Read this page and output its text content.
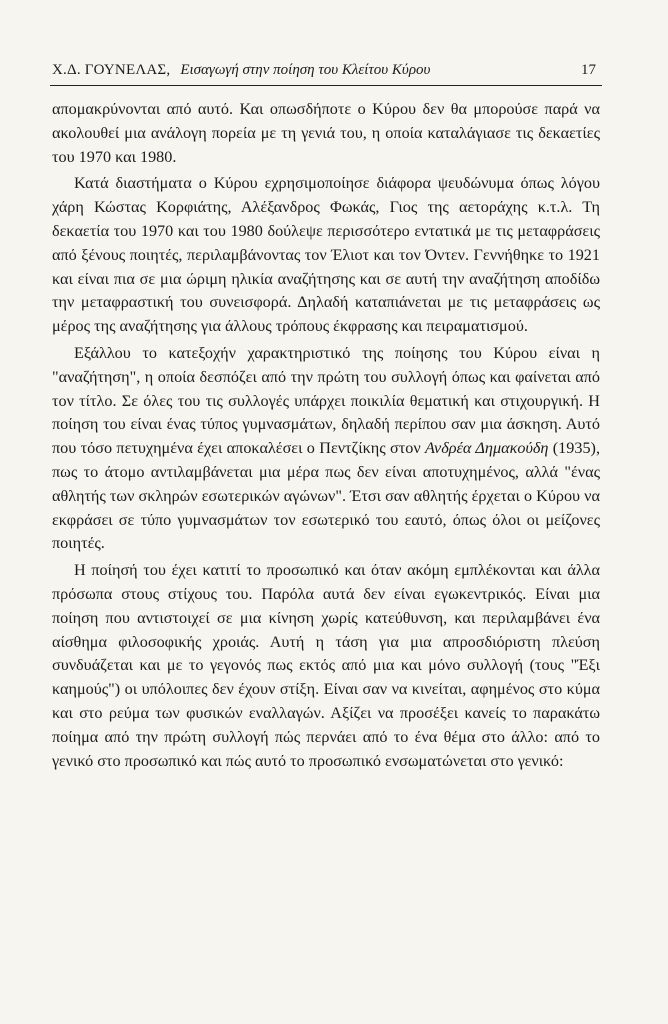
Χ.Δ. ΓΟΥΝΕΛΑΣ, Εισαγωγή στην ποίηση του Κλείτου Κύρου	17

απομακρύνονται από αυτό. Και οπωσδήποτε ο Κύρου δεν θα μπορούσε παρά να ακολουθεί μια ανάλογη πορεία με τη γενιά του, η οποία καταλάγιασε τις δεκαετίες του 1970 και 1980.

Κατά διαστήματα ο Κύρου εχρησιμοποίησε διάφορα ψευδώνυμα όπως λόγου χάρη Κώστας Κορφιάτης, Αλέξανδρος Φωκάς, Γιος της αετοράχης κ.τ.λ. Τη δεκαετία του 1970 και του 1980 δούλεψε περισσότερο εντατικά με τις μεταφράσεις από ξένους ποιητές, περιλαμβάνοντας τον Έλιοτ και τον Όντεν. Γεννήθηκε το 1921 και είναι πια σε μια ώριμη ηλικία αναζήτησης και σε αυτή την αναζήτηση αποδίδω την μεταφραστική του συνεισφορά. Δηλαδή καταπιάνεται με τις μεταφράσεις ως μέρος της αναζήτησης για άλλους τρόπους έκφρασης και πειραματισμού.

Εξάλλου το κατεξοχήν χαρακτηριστικό της ποίησης του Κύρου είναι η "αναζήτηση", η οποία δεσπόζει από την πρώτη του συλλογή όπως και φαίνεται από τον τίτλο. Σε όλες του τις συλλογές υπάρχει ποικιλία θεματική και στιχουργική. Η ποίηση του είναι ένας τύπος γυμνασμάτων, δηλαδή περίπου σαν μια άσκηση. Αυτό που τόσο πετυχημένα έχει αποκαλέσει ο Πεντζίκης στον Ανδρέα Δημακούδη (1935), πως το άτομο αντιλαμβάνεται μια μέρα πως δεν είναι αποτυχημένος, αλλά "ένας αθλητής των σκληρών εσωτερικών αγώνων". Έτσι σαν αθλητής έρχεται ο Κύρου να εκφράσει σε τύπο γυμνασμάτων τον εσωτερικό του εαυτό, όπως όλοι οι μείζονες ποιητές.

Η ποίησή του έχει κατιτί το προσωπικό και όταν ακόμη εμπλέκονται και άλλα πρόσωπα στους στίχους του. Παρόλα αυτά δεν είναι εγωκεντρικός. Είναι μια ποίηση που αντιστοιχεί σε μια κίνηση χωρίς κατεύθυνση, και περιλαμβάνει ένα αίσθημα φιλοσοφικής χροιάς. Αυτή η τάση για μια απροσδιόριστη πλεύση συνδυάζεται και με το γεγονός πως εκτός από μια και μόνο συλλογή (τους "Έξι καημούς") οι υπόλοιπες δεν έχουν στίξη. Είναι σαν να κινείται, αφημένος στο κύμα και στο ρεύμα των φυσικών εναλλαγών. Αξίζει να προσέξει κανείς το παρακάτω ποίημα από την πρώτη συλλογή πώς περνάει από το ένα θέμα στο άλλο: από το γενικό στο προσωπικό και πώς αυτό το προσωπικό ενσωματώνεται στο γενικό:
